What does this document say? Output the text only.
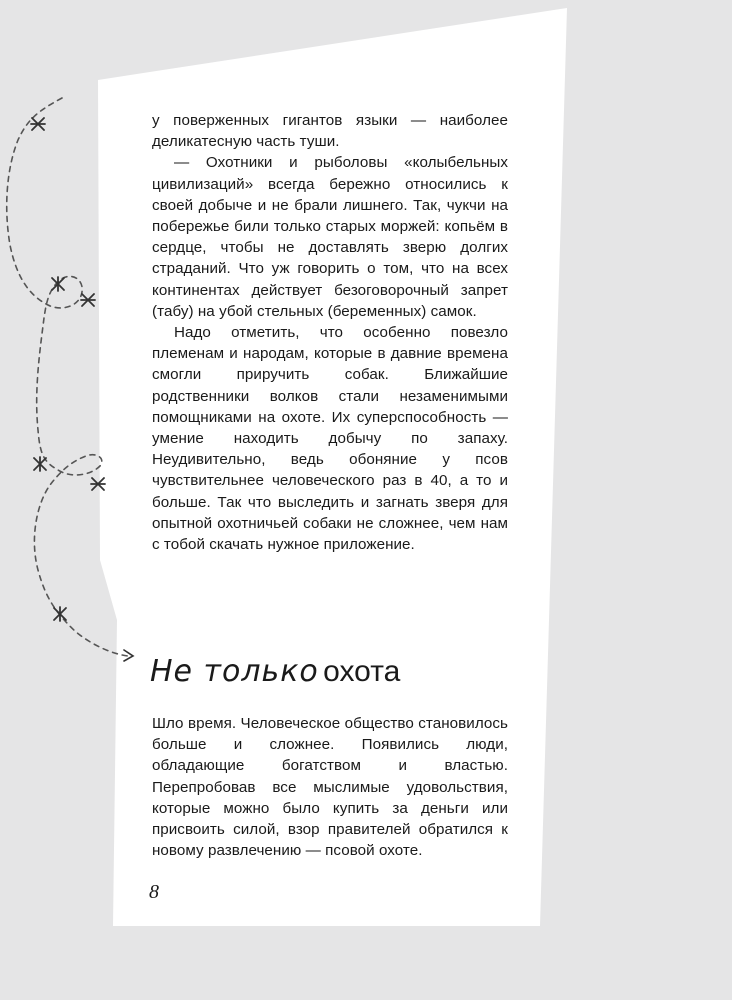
у поверженных гигантов языки — наиболее деликатесную часть туши.

— Охотники и рыболовы «колыбельных цивилизаций» всегда бережно относились к своей добыче и не брали лишнего. Так, чукчи на побережье били только старых моржей: копьём в сердце, чтобы не доставлять зверю долгих страданий. Что уж говорить о том, что на всех континентах действует безоговорочный запрет (табу) на убой стельных (беременных) самок.

Надо отметить, что особенно повезло племенам и народам, которые в давние времена смогли приручить собак. Ближайшие родственники волков стали незаменимыми помощниками на охоте. Их суперспособность — умение находить добычу по запаху. Неудивительно, ведь обоняние у псов чувствительнее человеческого раз в 40, а то и больше. Так что выследить и загнать зверя для опытной охотничьей собаки не сложнее, чем нам с тобой скачать нужное приложение.

Не только охота

Шло время. Человеческое общество становилось больше и сложнее. Появились люди, обладающие богатством и властью. Перепробовав все мыслимые удовольствия, которые можно было купить за деньги или присвоить силой, взор правителей обратился к новому развлечению — псовой охоте.

8
